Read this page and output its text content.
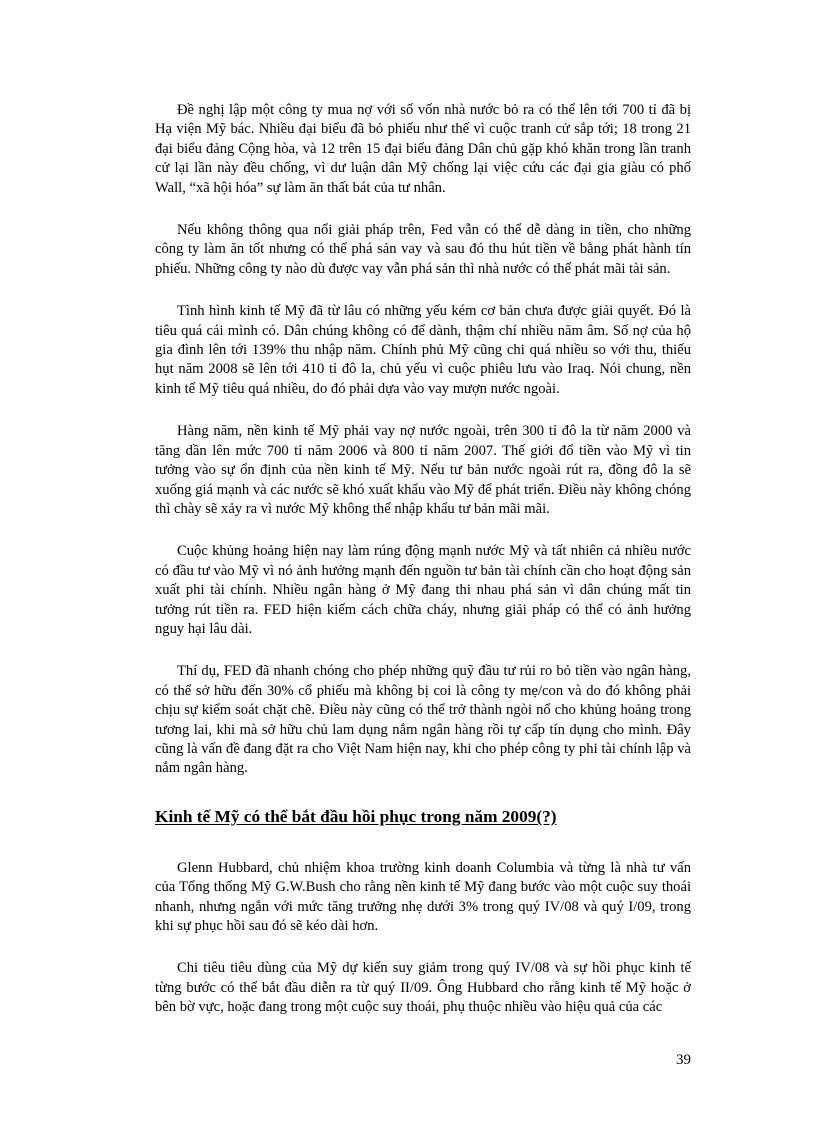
Đề nghị lập một công ty mua nợ với số vốn nhà nước bỏ ra có thể lên tới 700 tỉ đã bị Hạ viện Mỹ bác. Nhiều đại biểu đã bỏ phiếu như thế vì cuộc tranh cử sắp tới; 18 trong 21 đại biểu đảng Cộng hòa, và 12 trên 15 đại biểu đảng Dân chủ gặp khó khăn trong lần tranh cử lại lần này đều chống, vì dư luận dân Mỹ chống lại việc cứu các đại gia giàu có phố Wall, “xã hội hóa” sự làm ăn thất bát của tư nhân.

Nếu không thông qua nổi giải pháp trên, Fed vẫn có thể dễ dàng in tiền, cho những công ty làm ăn tốt nhưng có thể phá sản vay và sau đó thu hút tiền về bằng phát hành tín phiếu. Những công ty nào dù được vay vẫn phá sản thì nhà nước có thể phát mãi tài sản.

Tình hình kinh tế Mỹ đã từ lâu có những yếu kém cơ bản chưa được giải quyết. Đó là tiêu quá cái mình có. Dân chúng không có để dành, thậm chí nhiều năm âm. Số nợ của hộ gia đình lên tới 139% thu nhập năm. Chính phủ Mỹ cũng chi quá nhiều so với thu, thiếu hụt năm 2008 sẽ lên tới 410 tỉ đô la, chủ yếu vì cuộc phiêu lưu vào Iraq. Nói chung, nền kinh tế Mỹ tiêu quá nhiều, do đó phải dựa vào vay mượn nước ngoài.

Hàng năm, nền kinh tế Mỹ phải vay nợ nước ngoài, trên 300 tỉ đô la từ năm 2000 và tăng dần lên mức 700 tỉ năm 2006 và 800 tỉ năm 2007. Thế giới đổ tiền vào Mỹ vì tin tưởng vào sự ổn định của nền kinh tế Mỹ. Nếu tư bản nước ngoài rút ra, đồng đô la sẽ xuống giá mạnh và các nước sẽ khó xuất khẩu vào Mỹ để phát triển. Điều này không chóng thì chày sẽ xảy ra vì nước Mỹ không thể nhập khẩu tư bản mãi mãi.

Cuộc khủng hoảng hiện nay làm rúng động mạnh nước Mỹ và tất nhiên cả nhiều nước có đầu tư vào Mỹ vì nó ảnh hưởng mạnh đến nguồn tư bản tài chính cần cho hoạt động sản xuất phi tài chính. Nhiều ngân hàng ở Mỹ đang thi nhau phá sản vì dân chúng mất tin tưởng rút tiền ra. FED hiện kiếm cách chữa cháy, nhưng giải pháp có thể có ảnh hưởng nguy hại lâu dài.

Thí dụ, FED đã nhanh chóng cho phép những quỹ đầu tư rủi ro bỏ tiền vào ngân hàng, có thể sở hữu đến 30% cổ phiếu mà không bị coi là công ty mẹ/con và do đó không phải chịu sự kiểm soát chặt chẽ. Điều này cũng có thể trở thành ngòi nổ cho khủng hoảng trong tương lai, khi mà sở hữu chủ lam dụng nắm ngân hàng rồi tự cấp tín dụng cho mình. Đây cũng là vấn đề đang đặt ra cho Việt Nam hiện nay, khi cho phép công ty phi tài chính lập và nắm ngân hàng.

Kinh tế Mỹ có thể bắt đầu hồi phục trong năm 2009(?)

Glenn Hubbard, chủ nhiệm khoa trường kinh doanh Columbia và từng là nhà tư vấn của Tổng thống Mỹ G.W.Bush cho rằng nền kinh tế Mỹ đang bước vào một cuộc suy thoái nhanh, nhưng ngắn với mức tăng trưởng nhẹ dưới 3% trong quý IV/08 và quý I/09, trong khi sự phục hồi sau đó sẽ kéo dài hơn.

Chi tiêu tiêu dùng của Mỹ dự kiến suy giảm trong quý IV/08 và sự hồi phục kinh tế từng bước có thể bắt đầu diễn ra từ quý II/09. Ông Hubbard cho rằng kinh tế Mỹ hoặc ở bên bờ vực, hoặc đang trong một cuộc suy thoái, phụ thuộc nhiều vào hiệu quả của các

39
